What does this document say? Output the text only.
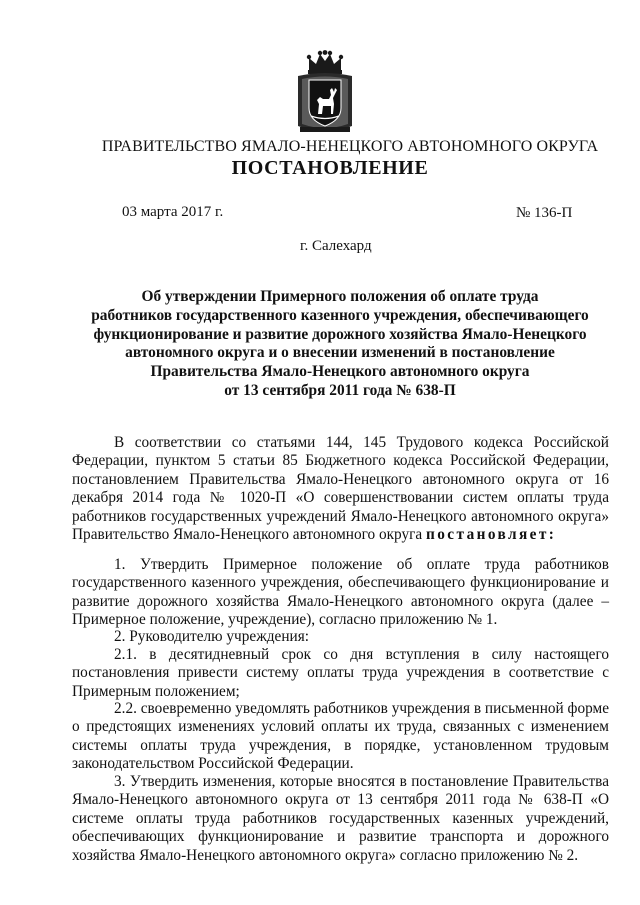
ПРАВИТЕЛЬСТВО ЯМАЛО-НЕНЕЦКОГО АВТОНОМНОГО ОКРУГА
ПОСТАНОВЛЕНИЕ
03 марта 2017 г.	№ 136-П
г. Салехард
Об утверждении Примерного положения об оплате труда
работников государственного казенного учреждения, обеспечивающего
функционирование и развитие дорожного хозяйства Ямало-Ненецкого
автономного округа и о внесении изменений в постановление
Правительства Ямало-Ненецкого автономного округа
от 13 сентября 2011 года № 638-П

В соответствии со статьями 144, 145 Трудового кодекса Российской Федерации, пунктом 5 статьи 85 Бюджетного кодекса Российской Федерации, постановлением Правительства Ямало-Ненецкого автономного округа от 16 декабря 2014 года № 1020-П «О совершенствовании систем оплаты труда работников государственных учреждений Ямало-Ненецкого автономного округа» Правительство Ямало-Ненецкого автономного округа постановляет:

1. Утвердить Примерное положение об оплате труда работников государственного казенного учреждения, обеспечивающего функционирование и развитие дорожного хозяйства Ямало-Ненецкого автономного округа (далее – Примерное положение, учреждение), согласно приложению № 1.

2. Руководителю учреждения:

2.1. в десятидневный срок со дня вступления в силу настоящего постановления привести систему оплаты труда учреждения в соответствие с Примерным положением;

2.2. своевременно уведомлять работников учреждения в письменной форме о предстоящих изменениях условий оплаты их труда, связанных с изменением системы оплаты труда учреждения, в порядке, установленном трудовым законодательством Российской Федерации.

3. Утвердить изменения, которые вносятся в постановление Правительства Ямало-Ненецкого автономного округа от 13 сентября 2011 года № 638-П «О системе оплаты труда работников государственных казенных учреждений, обеспечивающих функционирование и развитие транспорта и дорожного хозяйства Ямало-Ненецкого автономного округа» согласно приложению № 2.
